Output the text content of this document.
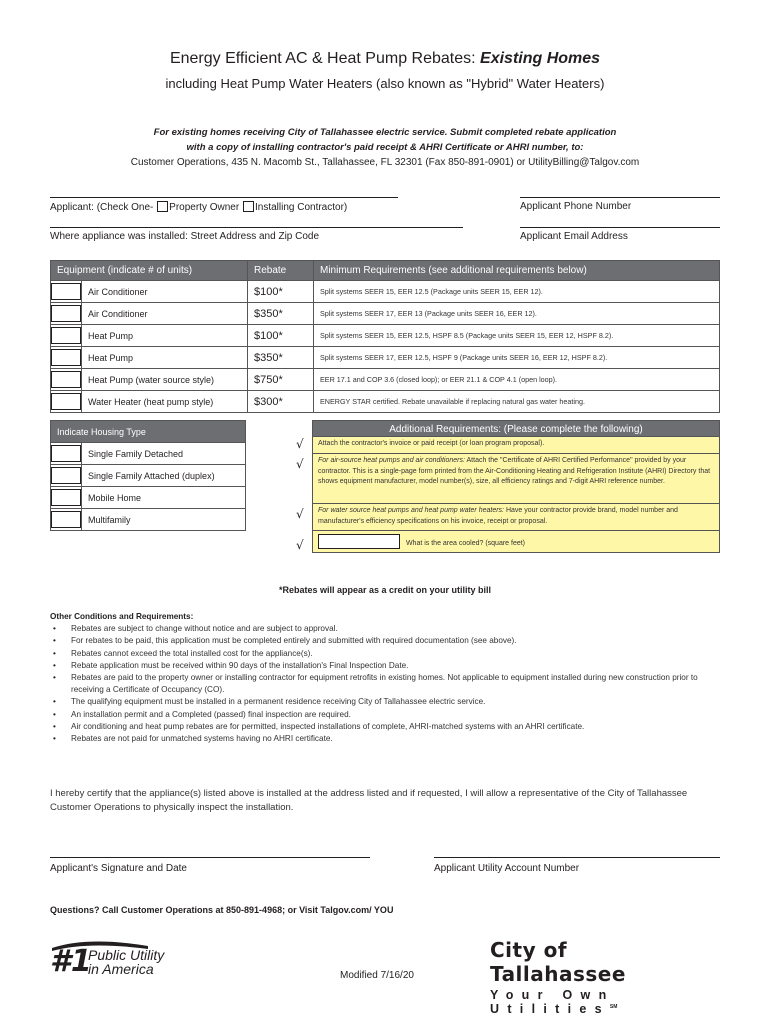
Energy Efficient AC & Heat Pump Rebates: Existing Homes
including Heat Pump Water Heaters (also known as "Hybrid" Water Heaters)
For existing homes receiving City of Tallahassee electric service. Submit completed rebate application
with a copy of installing contractor's paid receipt & AHRI Certificate or AHRI number, to:
Customer Operations, 435 N. Macomb St., Tallahassee, FL 32301 (Fax 850-891-0901) or UtilityBilling@Talgov.com
Applicant: (Check One- Property Owner Installing Contractor)	Applicant Phone Number
Where appliance was installed: Street Address and Zip Code	Applicant Email Address
Equipment (indicate # of units)		Rebate	Minimum Requirements (see additional requirements below)
	Air Conditioner	$100*	Split systems SEER 15, EER 12.5 (Package units SEER 15, EER 12).
	Air Conditioner	$350*	Split systems SEER 17, EER 13 (Package units SEER 16, EER 12).
	Heat Pump	$100*	Split systems SEER 15, EER 12.5, HSPF 8.5 (Package units SEER 15, EER 12, HSPF 8.2).
	Heat Pump	$350*	Split systems SEER 17, EER 12.5, HSPF 9 (Package units SEER 16, EER 12, HSPF 8.2).
	Heat Pump (water source style)	$750*	EER 17.1 and COP 3.6 (closed loop); or EER 21.1 & COP 4.1 (open loop).
	Water Heater (heat pump style)	$300*	ENERGY STAR certified. Rebate unavailable if replacing natural gas water heating.
Indicate Housing Type	
	Single Family Detached
	Single Family Attached (duplex)
	Mobile Home
	Multifamily
√
√
√
√
Additional Requirements: (Please complete the following)
Attach the contractor's invoice or paid receipt (or loan program proposal).
For air-source heat pumps and air conditioners: Attach the "Certificate of AHRI Certified Performance" provided by your contractor. This is a single-page form printed from the Air-Conditioning Heating and Refrigeration Institute (AHRI) Directory that shows equipment manufacturer, model number(s), size, all efficiency ratings and 7-digit AHRI reference number.
For water source heat pumps and heat pump water heaters: Have your contractor provide brand, model number and manufacturer's efficiency specifications on his invoice, receipt or proposal.
What is the area cooled? (square feet)
*Rebates will appear as a credit on your utility bill
Other Conditions and Requirements:
• Rebates are subject to change without notice and are subject to approval.
• For rebates to be paid, this application must be completed entirely and submitted with required documentation (see above).
• Rebates cannot exceed the total installed cost for the appliance(s).
• Rebate application must be received within 90 days of the installation's Final Inspection Date.
• Rebates are paid to the property owner or installing contractor for equipment retrofits in existing homes. Not applicable to equipment installed during new construction prior to receiving a Certificate of Occupancy (CO).
• The qualifying equipment must be installed in a permanent residence receiving City of Tallahassee electric service.
• An installation permit and a Completed (passed) final inspection are required.
• Air conditioning and heat pump rebates are for permitted, inspected installations of complete, AHRI-matched systems with an AHRI certificate.
• Rebates are not paid for unmatched systems having no AHRI certificate.
I hereby certify that the appliance(s) listed above is installed at the address listed and if requested, I will allow a representative of the City of Tallahassee Customer Operations to physically inspect the installation.
Applicant's Signature and Date	Applicant Utility Account Number
Questions? Call Customer Operations at 850-891-4968; or Visit Talgov.com/ YOU
#1
Public Utility
in America	Modified 7/16/20
City of Tallahassee
Your Own Utilities℠
